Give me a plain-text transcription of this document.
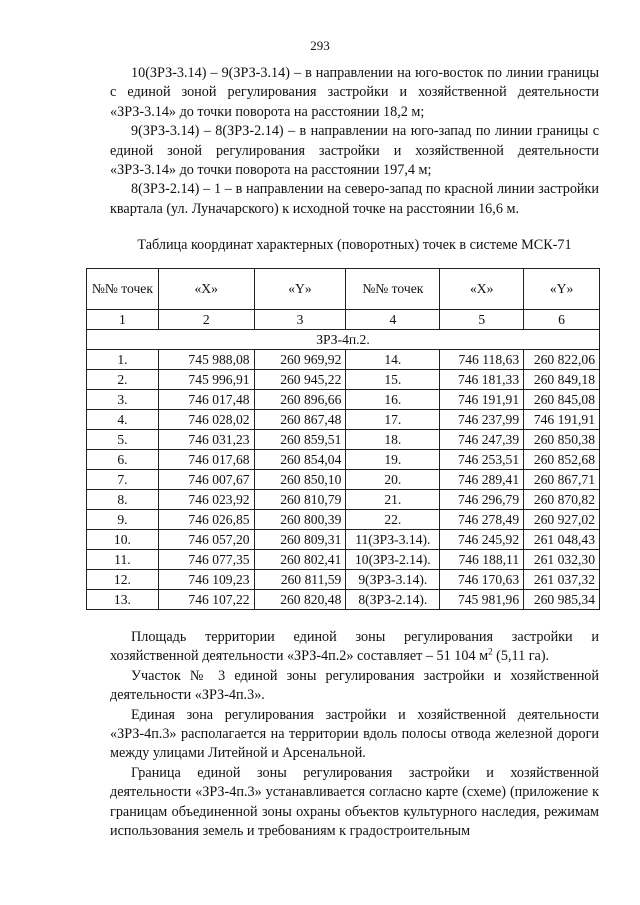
293

10(ЗРЗ-3.14) – 9(ЗРЗ-3.14) – в направлении на юго-восток по линии границы с единой зоной регулирования застройки и хозяйственной деятельности «ЗРЗ-3.14» до точки поворота на расстоянии 18,2 м;

9(ЗРЗ-3.14) – 8(ЗРЗ-2.14) – в направлении на юго-запад по линии границы с единой зоной регулирования застройки и хозяйственной деятельности «ЗРЗ-3.14» до точки поворота на расстоянии 197,4 м;

8(ЗРЗ-2.14) – 1 – в направлении на северо-запад по красной линии застройки квартала (ул. Луначарского) к исходной точке на расстоянии 16,6 м.

Таблица координат характерных (поворотных) точек в системе МСК-71
№№ точек	«X»	«Y»	№№ точек	«X»	«Y»
1	2	3	4	5	6
ЗРЗ-4п.2.					
1.	745 988,08	260 969,92	14.	746 118,63	260 822,06
2.	745 996,91	260 945,22	15.	746 181,33	260 849,18
3.	746 017,48	260 896,66	16.	746 191,91	260 845,08
4.	746 028,02	260 867,48	17.	746 237,99	746 191,91
5.	746 031,23	260 859,51	18.	746 247,39	260 850,38
6.	746 017,68	260 854,04	19.	746 253,51	260 852,68
7.	746 007,67	260 850,10	20.	746 289,41	260 867,71
8.	746 023,92	260 810,79	21.	746 296,79	260 870,82
9.	746 026,85	260 800,39	22.	746 278,49	260 927,02
10.	746 057,20	260 809,31	11(ЗРЗ-3.14).	746 245,92	261 048,43
11.	746 077,35	260 802,41	10(ЗРЗ-2.14).	746 188,11	261 032,30
12.	746 109,23	260 811,59	9(ЗРЗ-3.14).	746 170,63	261 037,32
13.	746 107,22	260 820,48	8(ЗРЗ-2.14).	745 981,96	260 985,34

Площадь территории единой зоны регулирования застройки и хозяйственной деятельности «ЗРЗ-4п.2» составляет – 51 104 $м^2$ (5,11 га).

Участок № 3 единой зоны регулирования застройки и хозяйственной деятельности «ЗРЗ-4п.3».

Единая зона регулирования застройки и хозяйственной деятельности «ЗРЗ-4п.3» располагается на территории вдоль полосы отвода железной дороги между улицами Литейной и Арсенальной.

Граница единой зоны регулирования застройки и хозяйственной деятельности «ЗРЗ-4п.3» устанавливается согласно карте (схеме) (приложение к границам объединенной зоны охраны объектов культурного наследия, режимам использования земель и требованиям к градостроительным
